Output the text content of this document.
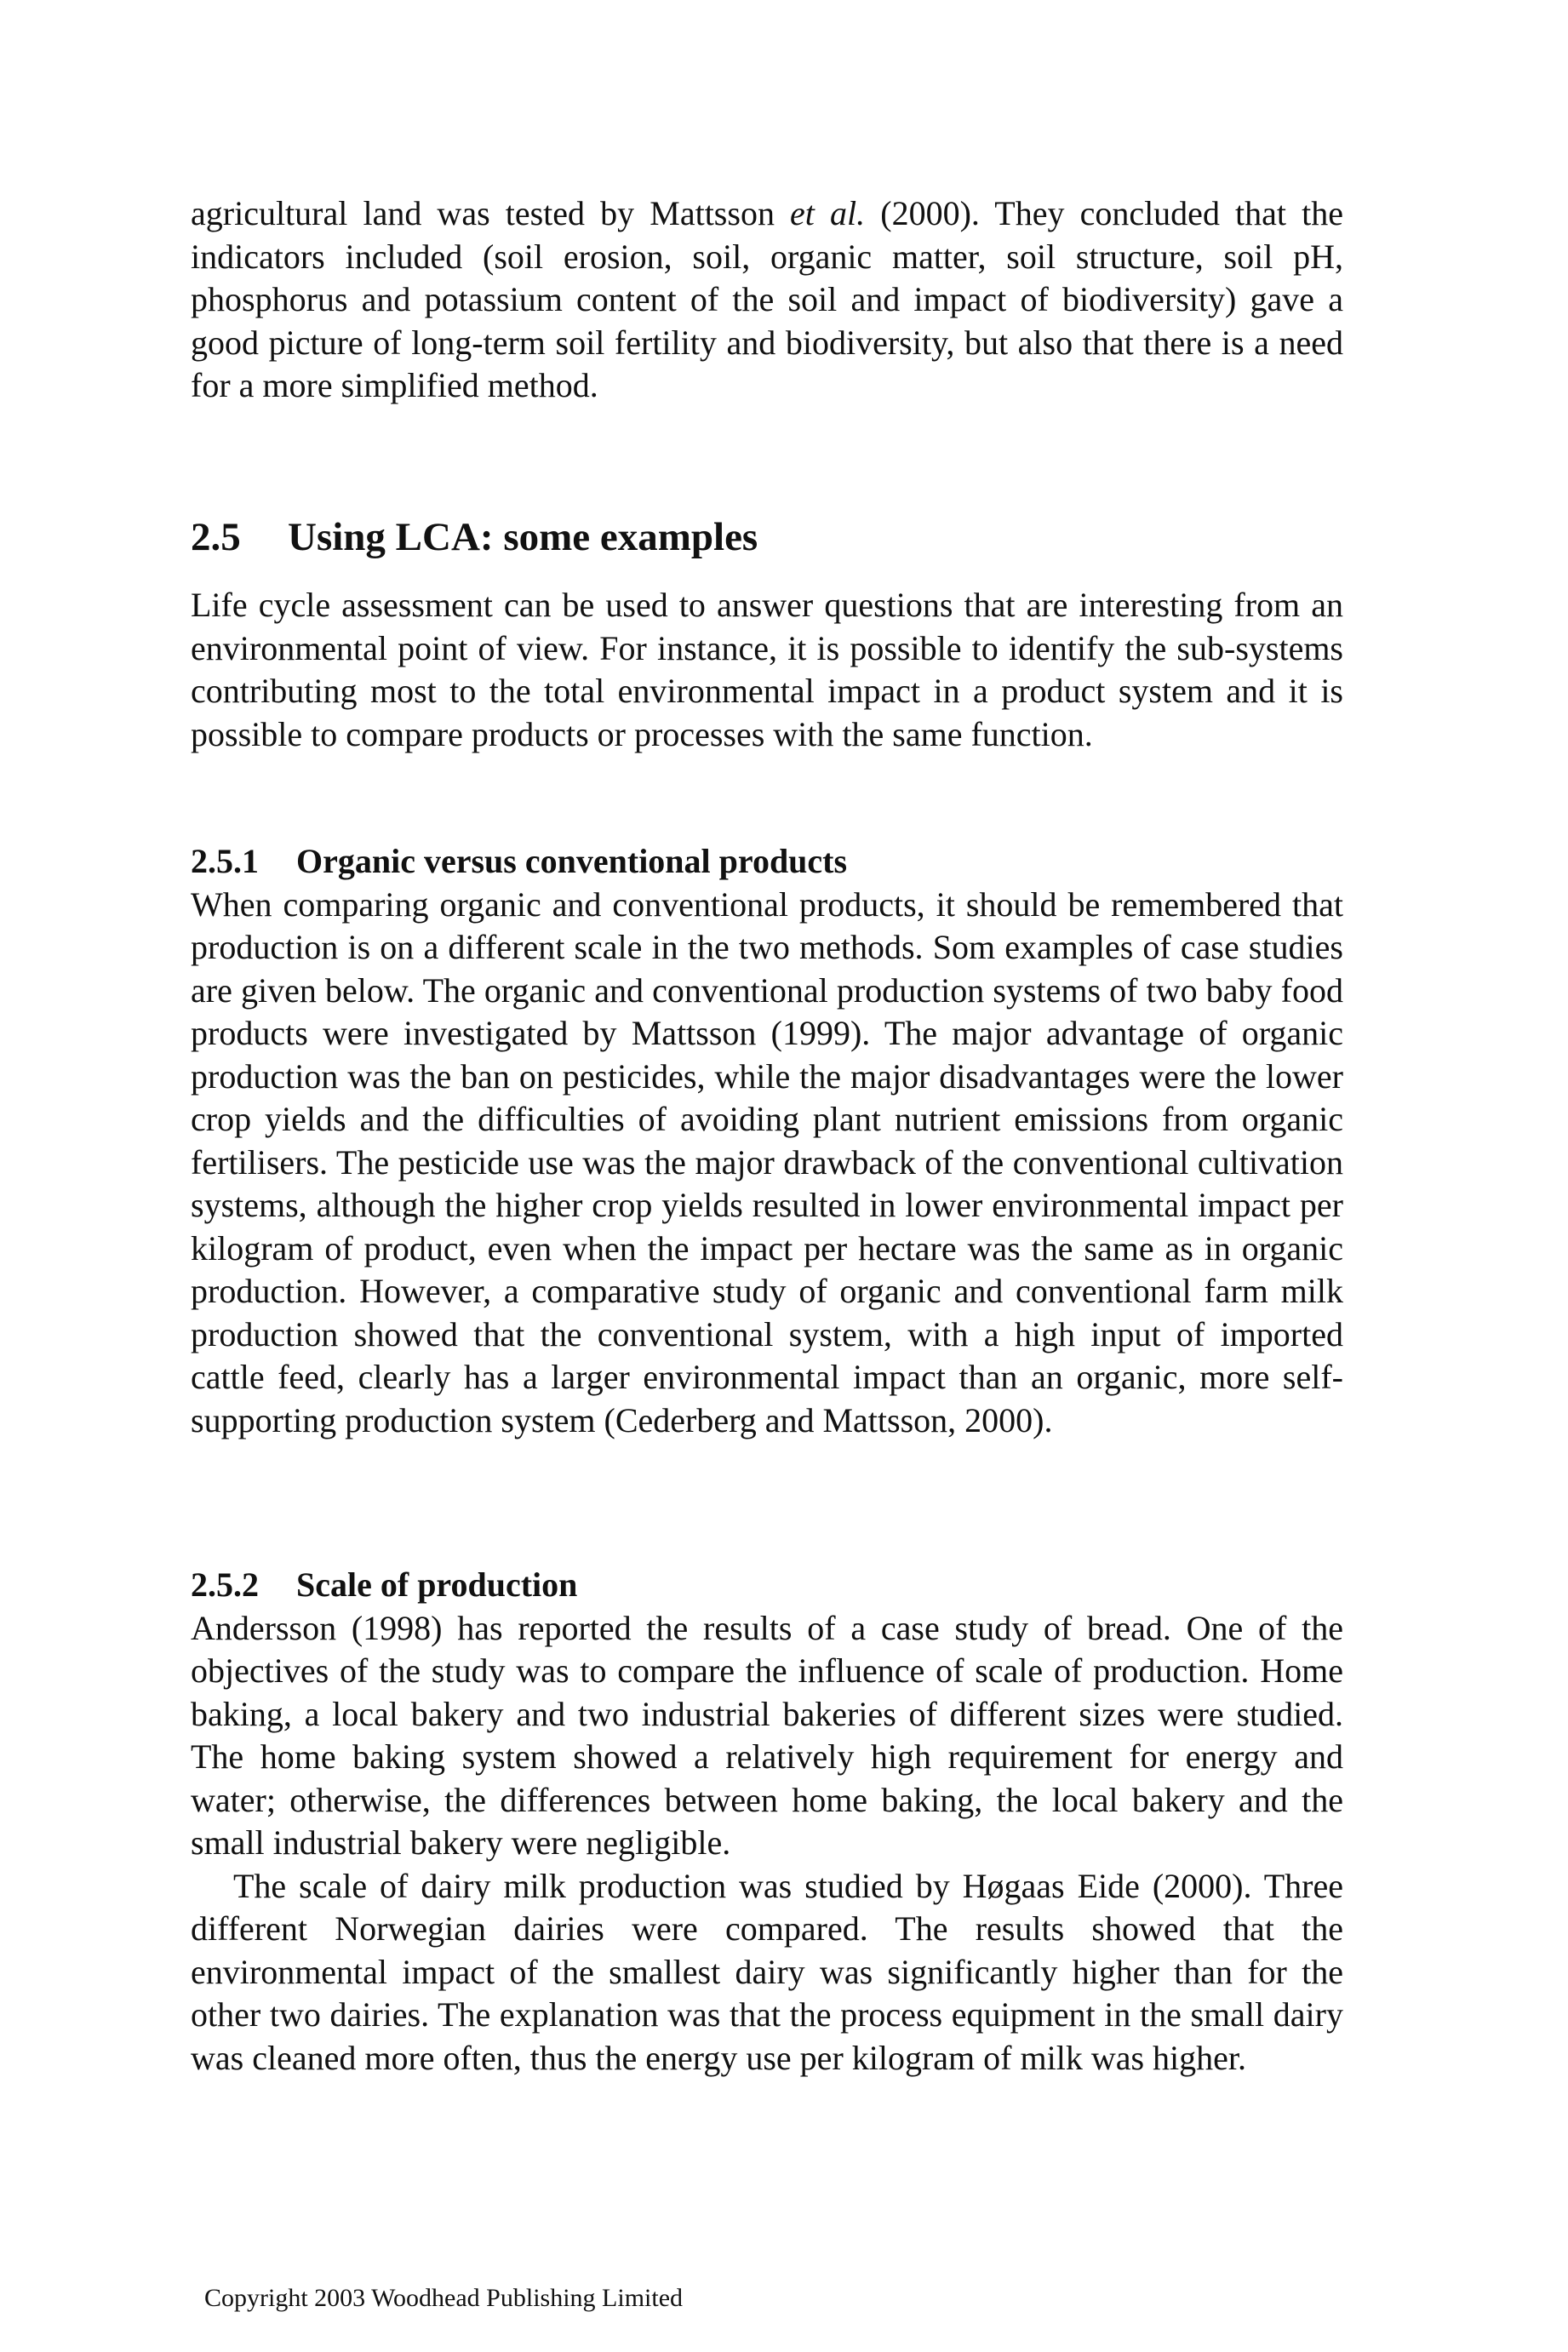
agricultural land was tested by Mattsson et al. (2000). They concluded that the indicators included (soil erosion, soil, organic matter, soil structure, soil pH, phosphorus and potassium content of the soil and impact of biodiversity) gave a good picture of long-term soil fertility and biodiversity, but also that there is a need for a more simplified method.

2.5 Using LCA: some examples

Life cycle assessment can be used to answer questions that are interesting from an environmental point of view. For instance, it is possible to identify the sub-systems contributing most to the total environmental impact in a product system and it is possible to compare products or processes with the same function.

2.5.1 Organic versus conventional products

When comparing organic and conventional products, it should be remembered that production is on a different scale in the two methods. Som examples of case studies are given below. The organic and conventional production systems of two baby food products were investigated by Mattsson (1999). The major advantage of organic production was the ban on pesticides, while the major disadvantages were the lower crop yields and the difficulties of avoiding plant nutrient emissions from organic fertilisers. The pesticide use was the major drawback of the conventional cultivation systems, although the higher crop yields resulted in lower environmental impact per kilogram of product, even when the impact per hectare was the same as in organic production. However, a comparative study of organic and conventional farm milk production showed that the conventional system, with a high input of imported cattle feed, clearly has a larger environmental impact than an organic, more self-supporting production system (Cederberg and Mattsson, 2000).

2.5.2 Scale of production

Andersson (1998) has reported the results of a case study of bread. One of the objectives of the study was to compare the influence of scale of production. Home baking, a local bakery and two industrial bakeries of different sizes were studied. The home baking system showed a relatively high requirement for energy and water; otherwise, the differences between home baking, the local bakery and the small industrial bakery were negligible.

The scale of dairy milk production was studied by Høgaas Eide (2000). Three different Norwegian dairies were compared. The results showed that the environmental impact of the smallest dairy was significantly higher than for the other two dairies. The explanation was that the process equipment in the small dairy was cleaned more often, thus the energy use per kilogram of milk was higher.

Copyright 2003 Woodhead Publishing Limited
